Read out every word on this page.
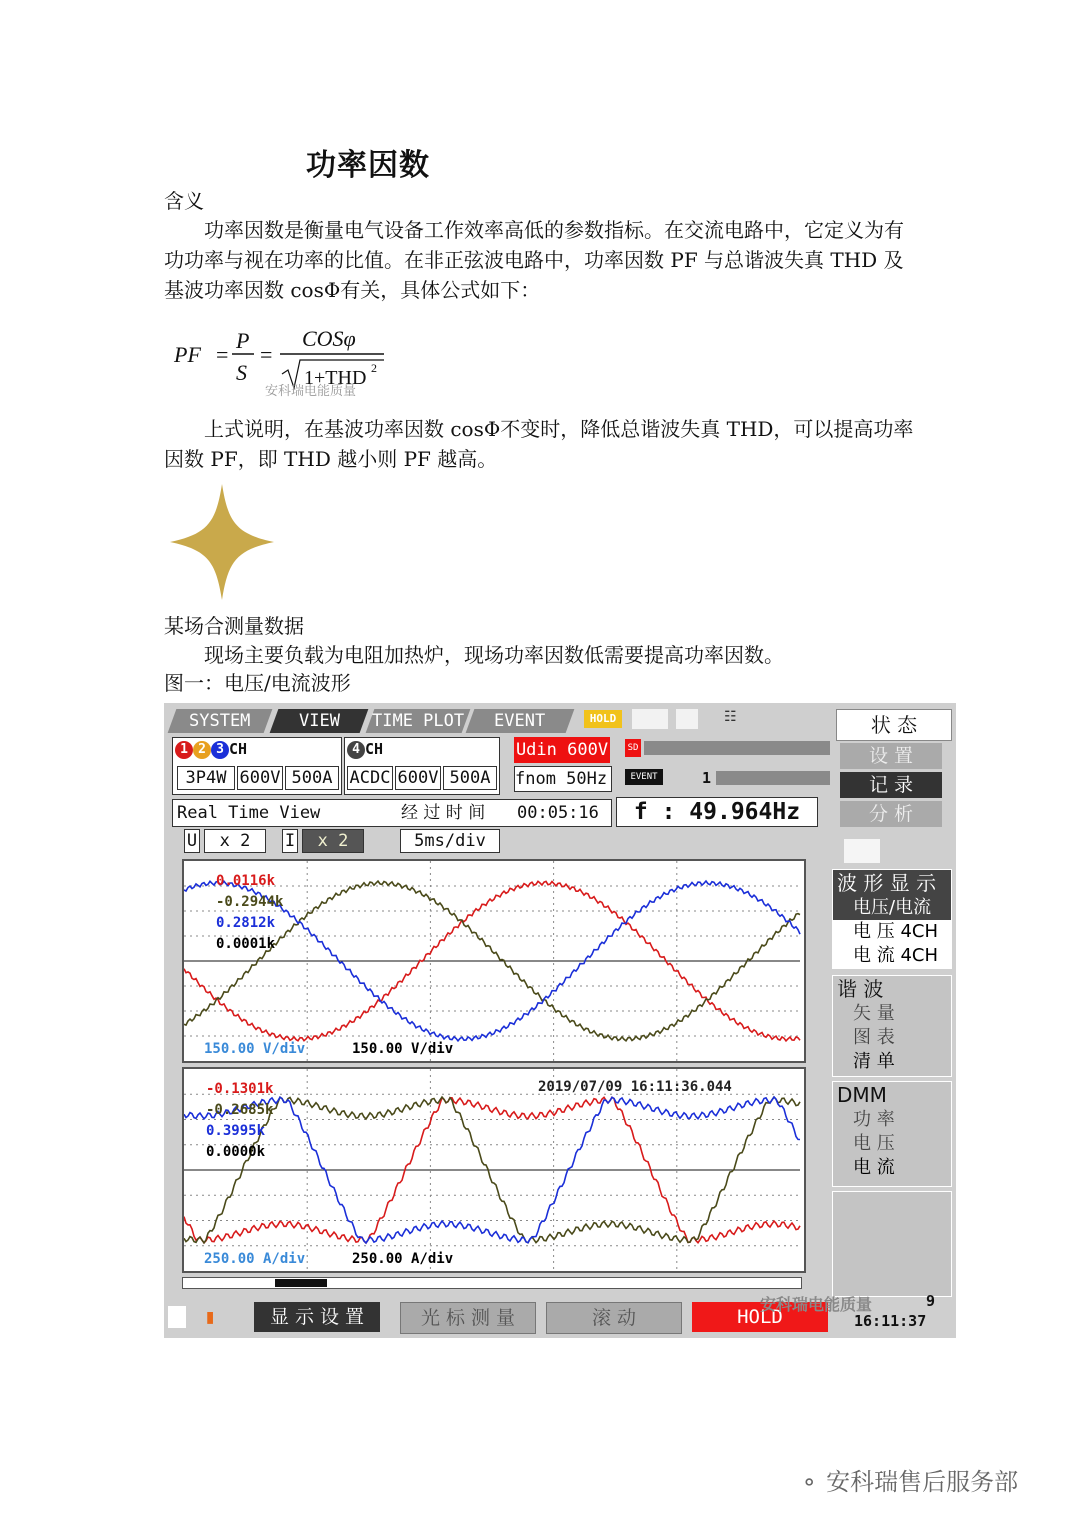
功率因数
含义
功率因数是衡量电气设备工作效率高低的参数指标。在交流电路中，它定义为有功功率与视在功率的比值。在非正弦波电路中，功率因数 PF 与总谐波失真 THD 及基波功率因数 cosΦ有关，具体公式如下：
PF =
P
S
=
COSφ
1+THD 2
安科瑞电能质量
上式说明，在基波功率因数 cosΦ不变时，降低总谐波失真 THD，可以提高功率因数 PF，即 THD 越小则 PF 越高。
某场合测量数据
现场主要负载为电阻加热炉，现场功率因数低需要提高功率因数。
图一：电压/电流波形
SYSTEM	VIEW	TIME PLOT	EVENT	HOLD	☷
1 2 3 CH
3P4W 600V 500A
4 CH
ACDC 600V 500A
Udin 600V
fnom 50Hz
SD
EVENT	1
Real Time View	经 过 时 间 00:05:16	f : 49.964Hz
U	x 2	I	x 2	5ms/div
0.0116k
-0.2944k
0.2812k
0.0001k
150.00 V/div	150.00 V/div
-0.1301k
-0.2685k
0.3995k
0.0000k
2019/07/09 16:11:36.044
250.00 A/div	250.00 A/div
状 态
设 置
记 录
分 析
波 形 显 示
电压/电流
电 压 4CH
电 流 4CH
谐 波
矢 量
图 表
清 单
DMM
功 率
电 压
电 流
▮	显 示 设 置	光 标 测 量	滚 动	HOLD
安科瑞电能质量	9
16:11:37
⚬ 安科瑞售后服务部
